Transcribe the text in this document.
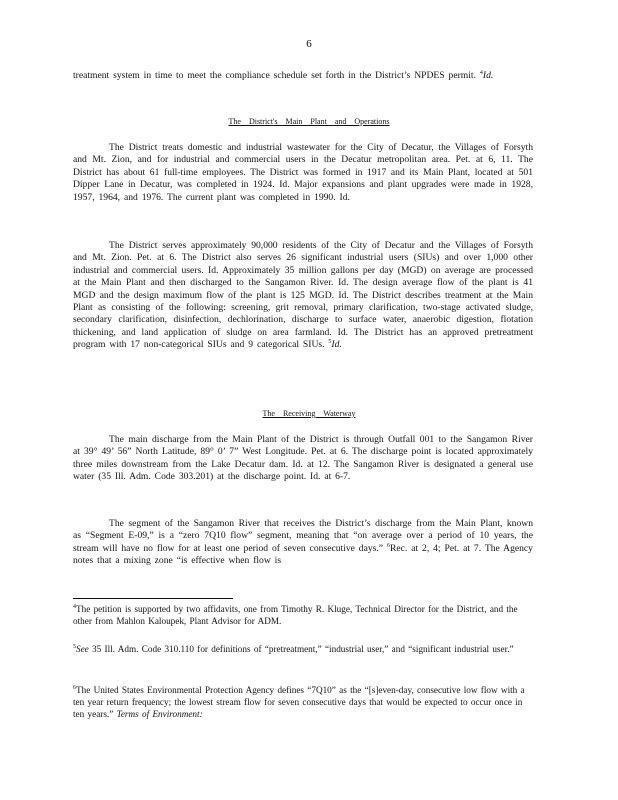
6

treatment system in time to meet the compliance schedule set forth in the District’s NPDES permit. $^4$Id.

The District's Main Plant and Operations

The District treats domestic and industrial wastewater for the City of Decatur, the Villages of Forsyth and Mt. Zion, and for industrial and commercial users in the Decatur metropolitan area. Pet. at 6, 11. The District has about 61 full-time employees. The District was formed in 1917 and its Main Plant, located at 501 Dipper Lane in Decatur, was completed in 1924. Id. Major expansions and plant upgrades were made in 1928, 1957, 1964, and 1976. The current plant was completed in 1990. Id.

The District serves approximately 90,000 residents of the City of Decatur and the Villages of Forsyth and Mt. Zion. Pet. at 6. The District also serves 26 significant industrial users (SIUs) and over 1,000 other industrial and commercial users. Id. Approximately 35 million gallons per day (MGD) on average are processed at the Main Plant and then discharged to the Sangamon River. Id. The design average flow of the plant is 41 MGD and the design maximum flow of the plant is 125 MGD. Id. The District describes treatment at the Main Plant as consisting of the following: screening, grit removal, primary clarification, two-stage activated sludge, secondary clarification, disinfection, dechlorination, discharge to surface water, anaerobic digestion, flotation thickening, and land application of sludge on area farmland. Id. The District has an approved pretreatment program with 17 non-categorical SIUs and 9 categorical SIUs. $^5$Id.

The Receiving Waterway

The main discharge from the Main Plant of the District is through Outfall 001 to the Sangamon River at 39° 49’ 56” North Latitude, 89° 0’ 7” West Longitude. Pet. at 6. The discharge point is located approximately three miles downstream from the Lake Decatur dam. Id. at 12. The Sangamon River is designated a general use water (35 Ill. Adm. Code 303.201) at the discharge point. Id. at 6-7.

The segment of the Sangamon River that receives the District’s discharge from the Main Plant, known as “Segment E-09,” is a “zero 7Q10 flow” segment, meaning that “on average over a period of 10 years, the stream will have no flow for at least one period of seven consecutive days.” $^6$Rec. at 2, 4; Pet. at 7. The Agency notes that a mixing zone “is effective when flow is

$^4$The petition is supported by two affidavits, one from Timothy R. Kluge, Technical Director for the District, and the other from Mahlon Kaloupek, Plant Advisor for ADM.

$^5$See 35 Ill. Adm. Code 310.110 for definitions of “pretreatment,” “industrial user,” and “significant industrial user.”

$^6$The United States Environmental Protection Agency defines “7Q10” as the “[s]even-day, consecutive low flow with a ten year return frequency; the lowest stream flow for seven consecutive days that would be expected to occur once in ten years.” Terms of Environment:
